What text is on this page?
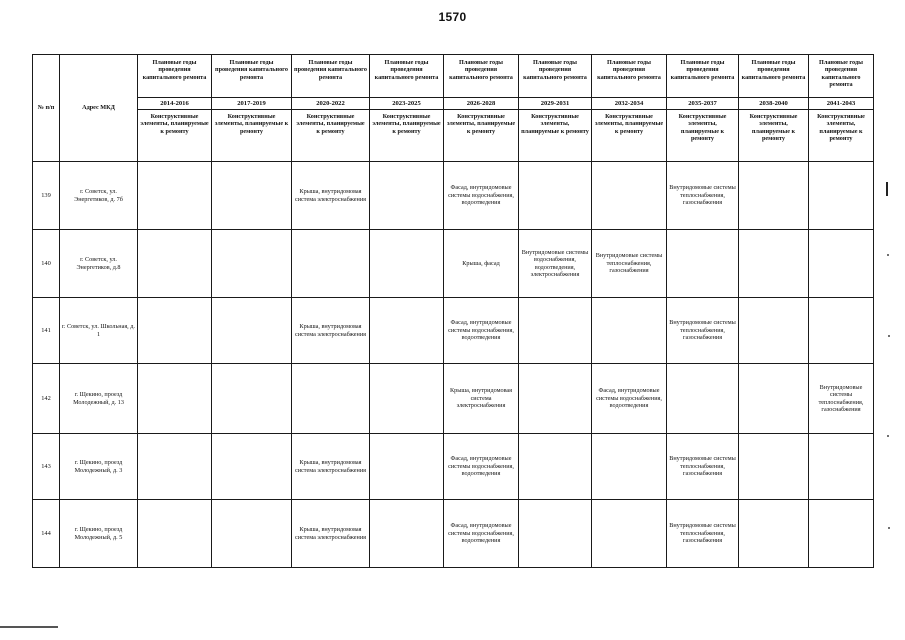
1570
№ п/п	Адрес МКД	Плановые годы проведения капитального ремонта	Плановые годы проведения капитального ремонта	Плановые годы проведения капитального ремонта	Плановые годы проведения капитального ремонта	Плановые годы проведения капитального ремонта	Плановые годы проведения капитального ремонта	Плановые годы проведения капитального ремонта	Плановые годы проведения капитального ремонта	Плановые годы проведения капитального ремонта	Плановые годы проведения капитального ремонта
		2014-2016	2017-2019	2020-2022	2023-2025	2026-2028	2029-2031	2032-2034	2035-2037	2038-2040	2041-2043
		Конструктивные элементы, планируемые к ремонту	Конструктивные элементы, планируемые к ремонту	Конструктивные элементы, планируемые к ремонту	Конструктивные элементы, планируемые к ремонту	Конструктивные элементы, планируемые к ремонту	Конструктивные элементы, планируемые к ремонту	Конструктивные элементы, планируемые к ремонту	Конструктивные элементы, планируемые к ремонту	Конструктивные элементы, планируемые к ремонту	Конструктивные элементы, планируемые к ремонту
139	г. Советск, ул. Энергетиков, д. 7б			Крыша, внутридомовая система электроснабжения		Фасад, внутридомовые системы водоснабжения, водоотведения			Внутридомовые системы теплоснабжения, газоснабжения		
140	г. Советск, ул. Энергетиков, д.8					Крыша, фасад	Внутридомовые системы водоснабжения, водоотведения, электроснабжения	Внутридомовые системы теплоснабжения, газоснабжения			
141	г. Советск, ул. Школьная, д. 1			Крыша, внутридомовая система электроснабжения		Фасад, внутридомовые системы водоснабжения, водоотведения			Внутридомовые системы теплоснабжения, газоснабжения		
142	г. Щекино, проезд Молодежный, д. 13					Крыша, внутридомовая система электроснабжения		Фасад, внутридомовые системы водоснабжения, водоотведения			Внутридомовые системы теплоснабжения, газоснабжения
143	г. Щекино, проезд Молодежный, д. 3			Крыша, внутридомовая система электроснабжения		Фасад, внутридомовые системы водоснабжения, водоотведения			Внутридомовые системы теплоснабжения, газоснабжения		
144	г. Щекино, проезд Молодежный, д. 5			Крыша, внутридомовая система электроснабжения		Фасад, внутридомовые системы водоснабжения, водоотведения			Внутридомовые системы теплоснабжения, газоснабжения		
